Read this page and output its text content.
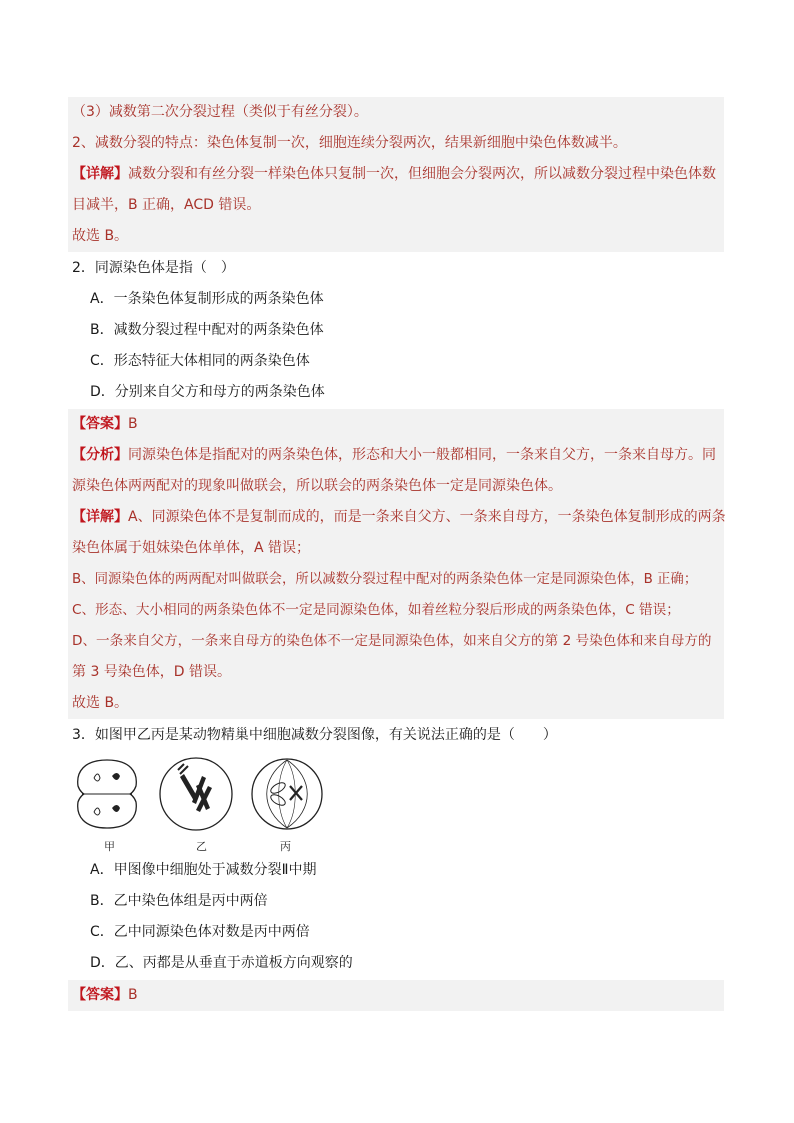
（3）减数第二次分裂过程（类似于有丝分裂）。
2、减数分裂的特点：染色体复制一次，细胞连续分裂两次，结果新细胞中染色体数减半。
【详解】减数分裂和有丝分裂一样染色体只复制一次，但细胞会分裂两次，所以减数分裂过程中染色体数
目减半，B 正确，ACD 错误。
故选 B。
2．同源染色体是指（　）
A．一条染色体复制形成的两条染色体
B．减数分裂过程中配对的两条染色体
C．形态特征大体相同的两条染色体
D．分别来自父方和母方的两条染色体
【答案】B
【分析】同源染色体是指配对的两条染色体，形态和大小一般都相同，一条来自父方，一条来自母方。同
源染色体两两配对的现象叫做联会，所以联会的两条染色体一定是同源染色体。
【详解】A、同源染色体不是复制而成的，而是一条来自父方、一条来自母方，一条染色体复制形成的两条
染色体属于姐妹染色体单体，A 错误；
B、同源染色体的两两配对叫做联会，所以减数分裂过程中配对的两条染色体一定是同源染色体，B 正确；
C、形态、大小相同的两条染色体不一定是同源染色体，如着丝粒分裂后形成的两条染色体，C 错误；
D、一条来自父方，一条来自母方的染色体不一定是同源染色体，如来自父方的第 2 号染色体和来自母方的
第 3 号染色体，D 错误。
故选 B。
3．如图甲乙丙是某动物精巢中细胞减数分裂图像，有关说法正确的是（　　）
甲	乙	丙
A．甲图像中细胞处于减数分裂Ⅱ中期
B．乙中染色体组是丙中两倍
C．乙中同源染色体对数是丙中两倍
D．乙、丙都是从垂直于赤道板方向观察的
【答案】B
